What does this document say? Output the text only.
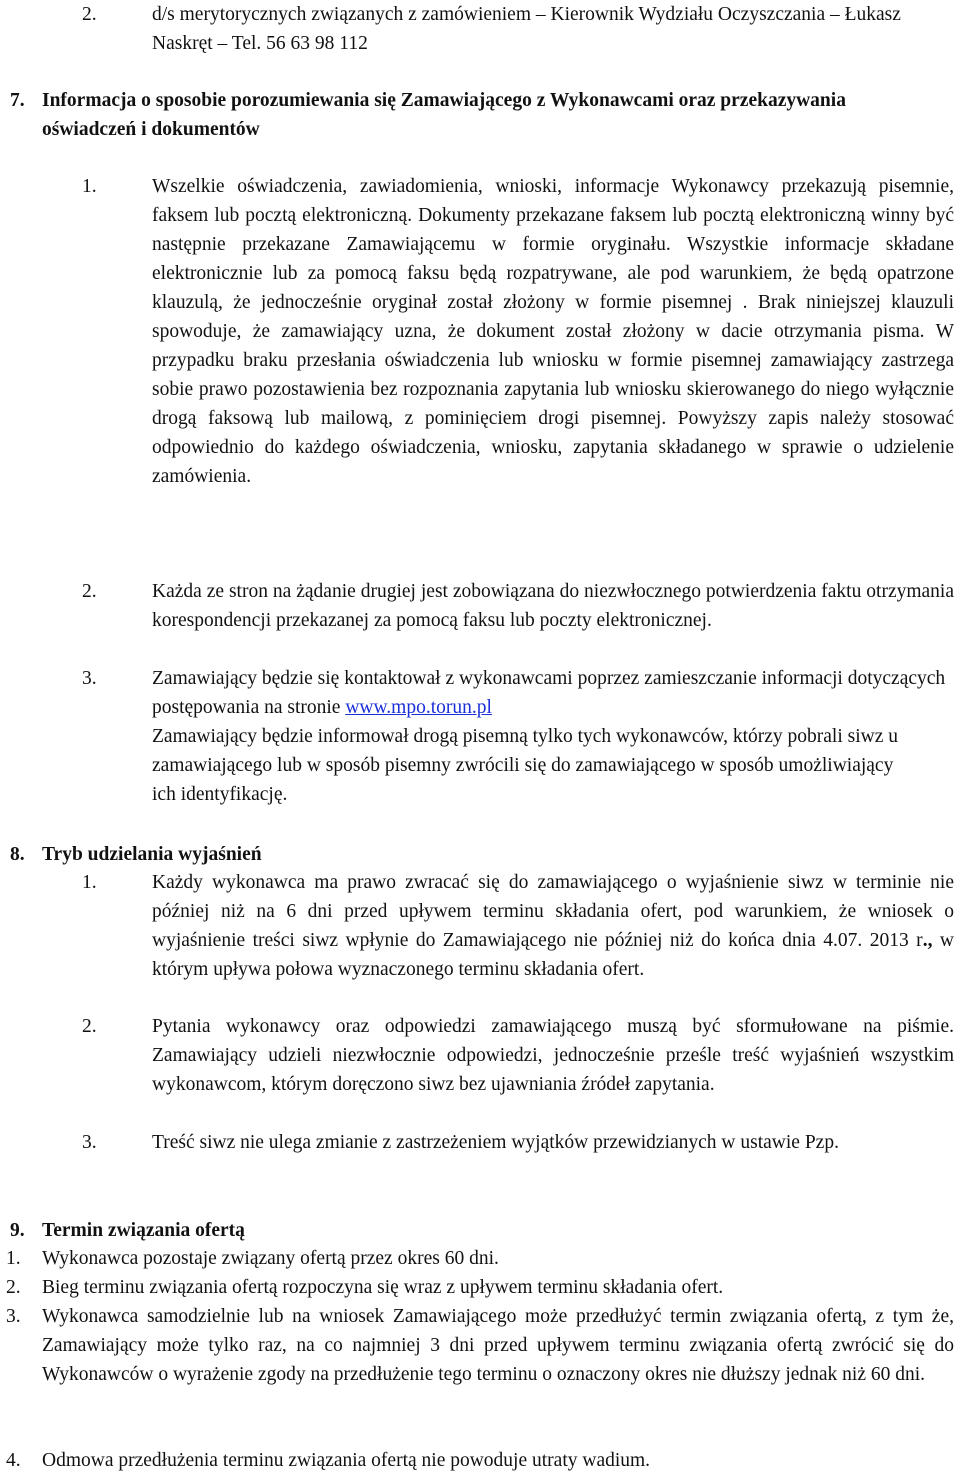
2.	d/s merytorycznych związanych z zamówieniem – Kierownik Wydziału Oczyszczania – Łukasz Naskręt – Tel. 56 63 98 112
7. Informacja o sposobie porozumiewania się Zamawiającego z Wykonawcami oraz przekazywania oświadczeń i dokumentów
1.	Wszelkie oświadczenia, zawiadomienia, wnioski, informacje Wykonawcy przekazują pisemnie, faksem lub pocztą elektroniczną. Dokumenty przekazane faksem lub pocztą elektroniczną winny być następnie przekazane Zamawiającemu w formie oryginału. Wszystkie informacje składane elektronicznie lub za pomocą faksu będą rozpatrywane, ale pod warunkiem, że będą opatrzone klauzulą, że jednocześnie oryginał został złożony w formie pisemnej . Brak niniejszej klauzuli spowoduje, że zamawiający uzna, że dokument został złożony w dacie otrzymania pisma. W przypadku braku przesłania oświadczenia lub wniosku w formie pisemnej zamawiający zastrzega sobie prawo pozostawienia bez rozpoznania zapytania lub wniosku skierowanego do niego wyłącznie drogą faksową lub mailową, z pominięciem drogi pisemnej. Powyższy zapis należy stosować odpowiednio do każdego oświadczenia, wniosku, zapytania składanego w sprawie o udzielenie zamówienia.
2.	Każda ze stron na żądanie drugiej jest zobowiązana do niezwłocznego potwierdzenia faktu otrzymania korespondencji przekazanej za pomocą faksu lub poczty elektronicznej.
3.	Zamawiający będzie się kontaktował z wykonawcami poprzez zamieszczanie informacji dotyczących postępowania na stronie www.mpo.torun.pl
Zamawiający będzie informował drogą pisemną tylko tych wykonawców, którzy pobrali siwz u zamawiającego lub w sposób pisemny zwrócili się do zamawiającego w sposób umożliwiający ich identyfikację.
8. Tryb udzielania wyjaśnień
1.	Każdy wykonawca ma prawo zwracać się do zamawiającego o wyjaśnienie siwz w terminie nie później niż na 6 dni przed upływem terminu składania ofert, pod warunkiem, że wniosek o wyjaśnienie treści siwz wpłynie do Zamawiającego nie później niż do końca dnia 4.07. 2013 r., w którym upływa połowa wyznaczonego terminu składania ofert.
2.	Pytania wykonawcy oraz odpowiedzi zamawiającego muszą być sformułowane na piśmie. Zamawiający udzieli niezwłocznie odpowiedzi, jednocześnie prześle treść wyjaśnień wszystkim wykonawcom, którym doręczono siwz bez ujawniania źródeł zapytania.
3.	Treść siwz nie ulega zmianie z zastrzeżeniem wyjątków przewidzianych w ustawie Pzp.
9. Termin związania ofertą
1. Wykonawca pozostaje związany ofertą przez okres 60 dni.
2. Bieg terminu związania ofertą rozpoczyna się wraz z upływem terminu składania ofert.
3. Wykonawca samodzielnie lub na wniosek Zamawiającego może przedłużyć termin związania ofertą, z tym że, Zamawiający może tylko raz, na co najmniej 3 dni przed upływem terminu związania ofertą zwrócić się do Wykonawców o wyrażenie zgody na przedłużenie tego terminu o oznaczony okres nie dłuższy jednak niż 60 dni.
4. Odmowa przedłużenia terminu związania ofertą nie powoduje utraty wadium.
